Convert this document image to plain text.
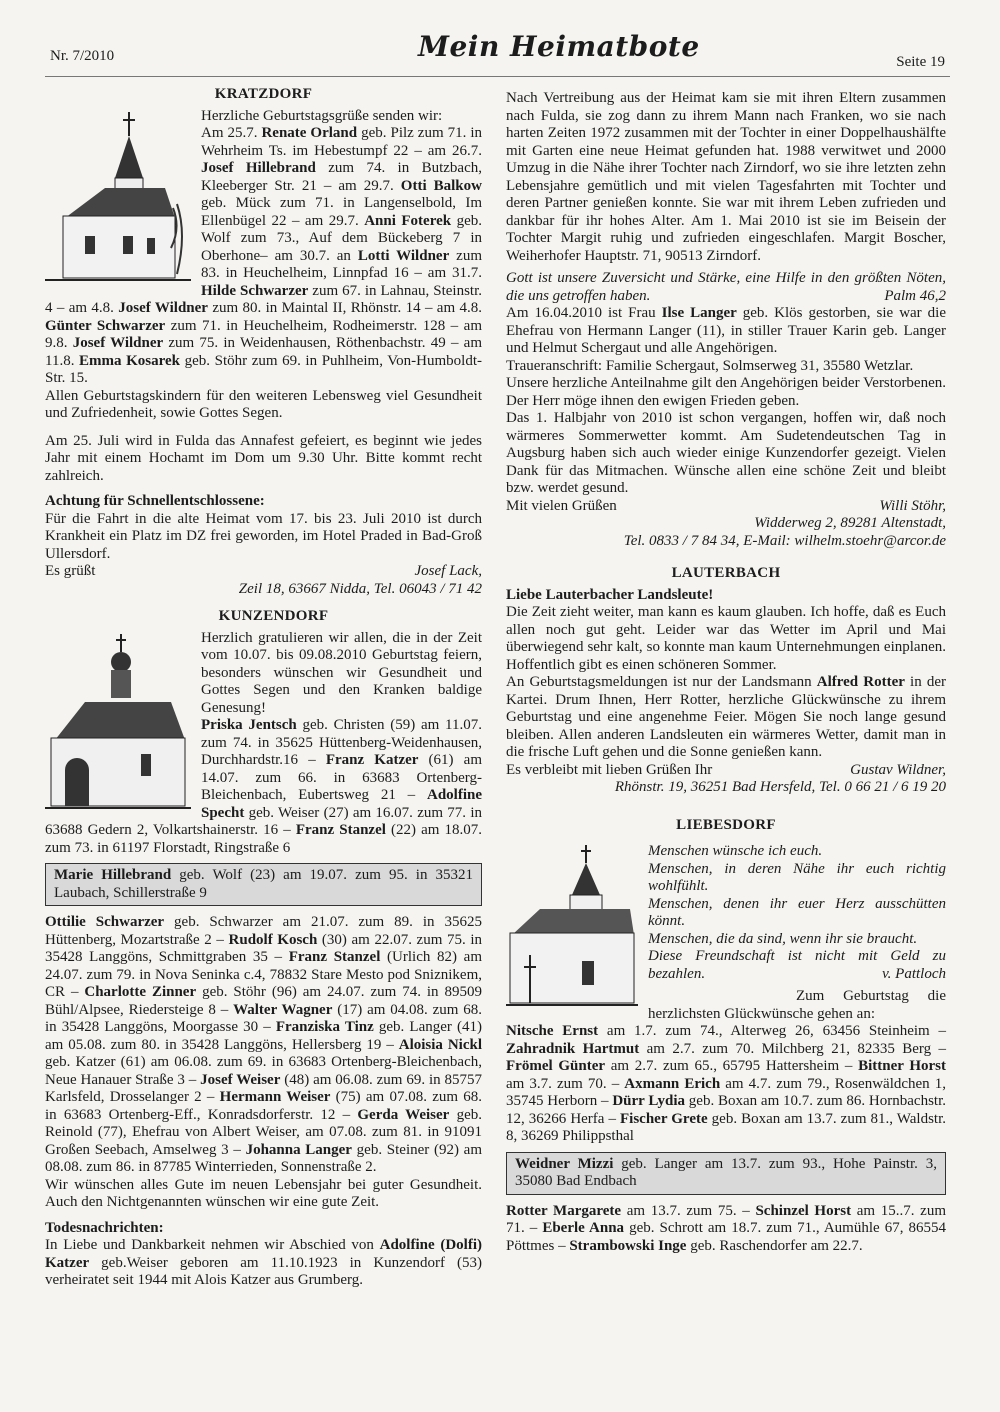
Nr. 7/2010	Mein Heimatbote	Seite 19
KRATZDORF

Herzliche Geburtstagsgrüße senden wir:

Am 25.7. Renate Orland geb. Pilz zum 71. in Wehrheim Ts. im Hebestumpf 22 – am 26.7. Josef Hillebrand zum 74. in Butzbach, Kleeberger Str. 21 – am 29.7. Otti Balkow geb. Mück zum 71. in Langenselbold, Im Ellenbügel 22 – am 29.7. Anni Foterek geb. Wolf zum 73., Auf dem Bückeberg 7 in Oberhone– am 30.7. an Lotti Wildner zum 83. in Heuchelheim, Linnpfad 16 – am 31.7. Hilde Schwarzer zum 67. in Lahnau, Steinstr. 4 – am 4.8. Josef Wildner zum 80. in Maintal II, Rhönstr. 14 – am 4.8. Günter Schwarzer zum 71. in Heuchelheim, Rodheimerstr. 128 – am 9.8. Josef Wildner zum 75. in Weidenhausen, Röthenbachstr. 49 – am 11.8. Emma Kosarek geb. Stöhr zum 69. in Puhlheim, Von-Humboldt-Str. 15.

Allen Geburtstagskindern für den weiteren Lebensweg viel Gesundheit und Zufriedenheit, sowie Gottes Segen.

Am 25. Juli wird in Fulda das Annafest gefeiert, es beginnt wie jedes Jahr mit einem Hochamt im Dom um 9.30 Uhr. Bitte kommt recht zahlreich.

Achtung für Schnellentschlossene:

Für die Fahrt in die alte Heimat vom 17. bis 23. Juli 2010 ist durch Krankheit ein Platz im DZ frei geworden, im Hotel Praded in Bad-Groß Ullersdorf.

Es grüßt	Josef Lack,

Zeil 18, 63667 Nidda, Tel. 06043 / 71 42

KUNZENDORF

Herzlich gratulieren wir allen, die in der Zeit vom 10.07. bis 09.08.2010 Geburtstag feiern, besonders wünschen wir Gesundheit und Gottes Segen und den Kranken baldige Genesung!

Priska Jentsch geb. Christen (59) am 11.07. zum 74. in 35625 Hüttenberg-Weidenhausen, Durchhardstr.16 – Franz Katzer (61) am 14.07. zum 66. in 63683 Ortenberg-Bleichenbach, Eubertsweg 21 – Adolfine Specht geb. Weiser (27) am 16.07. zum 77. in 63688 Gedern 2, Volkartshainerstr. 16 – Franz Stanzel (22) am 18.07. zum 73. in 61197 Florstadt, Ringstraße 6

Marie Hillebrand geb. Wolf (23) am 19.07. zum 95. in 35321 Laubach, Schillerstraße 9

Ottilie Schwarzer geb. Schwarzer am 21.07. zum 89. in 35625 Hüttenberg, Mozartstraße 2 – Rudolf Kosch (30) am 22.07. zum 75. in 35428 Langgöns, Schmittgraben 35 – Franz Stanzel (Urlich 82) am 24.07. zum 79. in Nova Seninka c.4, 78832 Stare Mesto pod Sniznikem, CR – Charlotte Zinner geb. Stöhr (96) am 24.07. zum 74. in 89509 Bühl/Alpsee, Riedersteige 8 – Walter Wagner (17) am 04.08. zum 68. in 35428 Langgöns, Moorgasse 30 – Franziska Tinz geb. Langer (41) am 05.08. zum 80. in 35428 Langgöns, Hellersberg 19 – Aloisia Nickl geb. Katzer (61) am 06.08. zum 69. in 63683 Ortenberg-Bleichenbach, Neue Hanauer Straße 3 – Josef Weiser (48) am 06.08. zum 69. in 85757 Karlsfeld, Drosselanger 2 – Hermann Weiser (75) am 07.08. zum 68. in 63683 Ortenberg-Eff., Konradsdorferstr. 12 – Gerda Weiser geb. Reinold (77), Ehefrau von Albert Weiser, am 07.08. zum 81. in 91091 Großen Seebach, Amselweg 3 – Johanna Langer geb. Steiner (92) am 08.08. zum 86. in 87785 Winterrieden, Sonnenstraße 2.

Wir wünschen alles Gute im neuen Lebensjahr bei guter Gesundheit. Auch den Nichtgenannten wünschen wir eine gute Zeit.

Todesnachrichten:

In Liebe und Dankbarkeit nehmen wir Abschied von Adolfine (Dolfi) Katzer geb.Weiser geboren am 11.10.1923 in Kunzendorf (53) verheiratet seit 1944 mit Alois Katzer aus Grumberg.

Nach Vertreibung aus der Heimat kam sie mit ihren Eltern zusammen nach Fulda, sie zog dann zu ihrem Mann nach Franken, wo sie nach harten Zeiten 1972 zusammen mit der Tochter in einer Doppelhaushälfte mit Garten eine neue Heimat gefunden hat. 1988 verwitwet und 2000 Umzug in die Nähe ihrer Tochter nach Zirndorf, wo sie ihre letzten zehn Lebensjahre gemütlich und mit vielen Tagesfahrten mit Tochter und deren Partner genießen konnte. Sie war mit ihrem Leben zufrieden und dankbar für ihr hohes Alter. Am 1. Mai 2010 ist sie im Beisein der Tochter Margit ruhig und zufrieden eingeschlafen. Margit Boscher, Weiherhofer Hauptstr. 71, 90513 Zirndorf.

Gott ist unsere Zuversicht und Stärke, eine Hilfe in den größten Nöten, die uns getroffen haben.	Palm 46,2

Am 16.04.2010 ist Frau Ilse Langer geb. Klös gestorben, sie war die Ehefrau von Hermann Langer (11), in stiller Trauer Karin geb. Langer und Helmut Schergaut und alle Angehörigen.

Traueranschrift: Familie Schergaut, Solmserweg 31, 35580 Wetzlar.

Unsere herzliche Anteilnahme gilt den Angehörigen beider Verstorbenen. Der Herr möge ihnen den ewigen Frieden geben.

Das 1. Halbjahr von 2010 ist schon vergangen, hoffen wir, daß noch wärmeres Sommerwetter kommt. Am Sudetendeutschen Tag in Augsburg haben sich auch wieder einige Kunzendorfer gezeigt. Vielen Dank für das Mitmachen. Wünsche allen eine schöne Zeit und bleibt bzw. werdet gesund.

Mit vielen Grüßen	Willi Stöhr,

Widderweg 2, 89281 Altenstadt,

Tel. 0833 / 7 84 34, E-Mail: wilhelm.stoehr@arcor.de

LAUTERBACH

Liebe Lauterbacher Landsleute!

Die Zeit zieht weiter, man kann es kaum glauben. Ich hoffe, daß es Euch allen noch gut geht. Leider war das Wetter im April und Mai überwiegend sehr kalt, so konnte man kaum Unternehmungen einplanen. Hoffentlich gibt es einen schöneren Sommer.

An Geburtstagsmeldungen ist nur der Landsmann Alfred Rotter in der Kartei. Drum Ihnen, Herr Rotter, herzliche Glückwünsche zu ihrem Geburtstag und eine angenehme Feier. Mögen Sie noch lange gesund bleiben. Allen anderen Landsleuten ein wärmeres Wetter, damit man in die frische Luft gehen und die Sonne genießen kann.

Es verbleibt mit lieben Grüßen Ihr	Gustav Wildner,

Rhönstr. 19, 36251 Bad Hersfeld, Tel. 0 66 21 / 6 19 20

LIEBESDORF

Menschen wünsche ich euch.

Menschen, in deren Nähe ihr euch richtig wohlfühlt.

Menschen, denen ihr euer Herz ausschütten könnt.

Menschen, die da sind, wenn ihr sie braucht.

Diese Freundschaft ist nicht mit Geld zu bezahlen.	v. Pattloch

Zum Geburtstag die herzlichsten Glückwünsche gehen an:

Nitsche Ernst am 1.7. zum 74., Alterweg 26, 63456 Steinheim – Zahradnik Hartmut am 2.7. zum 70. Milchberg 21, 82335 Berg – Frömel Günter am 2.7. zum 65., 65795 Hattersheim – Bittner Horst am 3.7. zum 70. – Axmann Erich am 4.7. zum 79., Rosenwäldchen 1, 35745 Herborn – Dürr Lydia geb. Boxan am 10.7. zum 86. Hornbachstr. 12, 36266 Herfa – Fischer Grete geb. Boxan am 13.7. zum 81., Waldstr. 8, 36269 Philippsthal

Weidner Mizzi geb. Langer am 13.7. zum 93., Hohe Painstr. 3, 35080 Bad Endbach

Rotter Margarete am 13.7. zum 75. – Schinzel Horst am 15..7. zum 71. – Eberle Anna geb. Schrott am 18.7. zum 71., Aumühle 67, 86554 Pöttmes – Strambowski Inge geb. Raschendorfer am 22.7.
